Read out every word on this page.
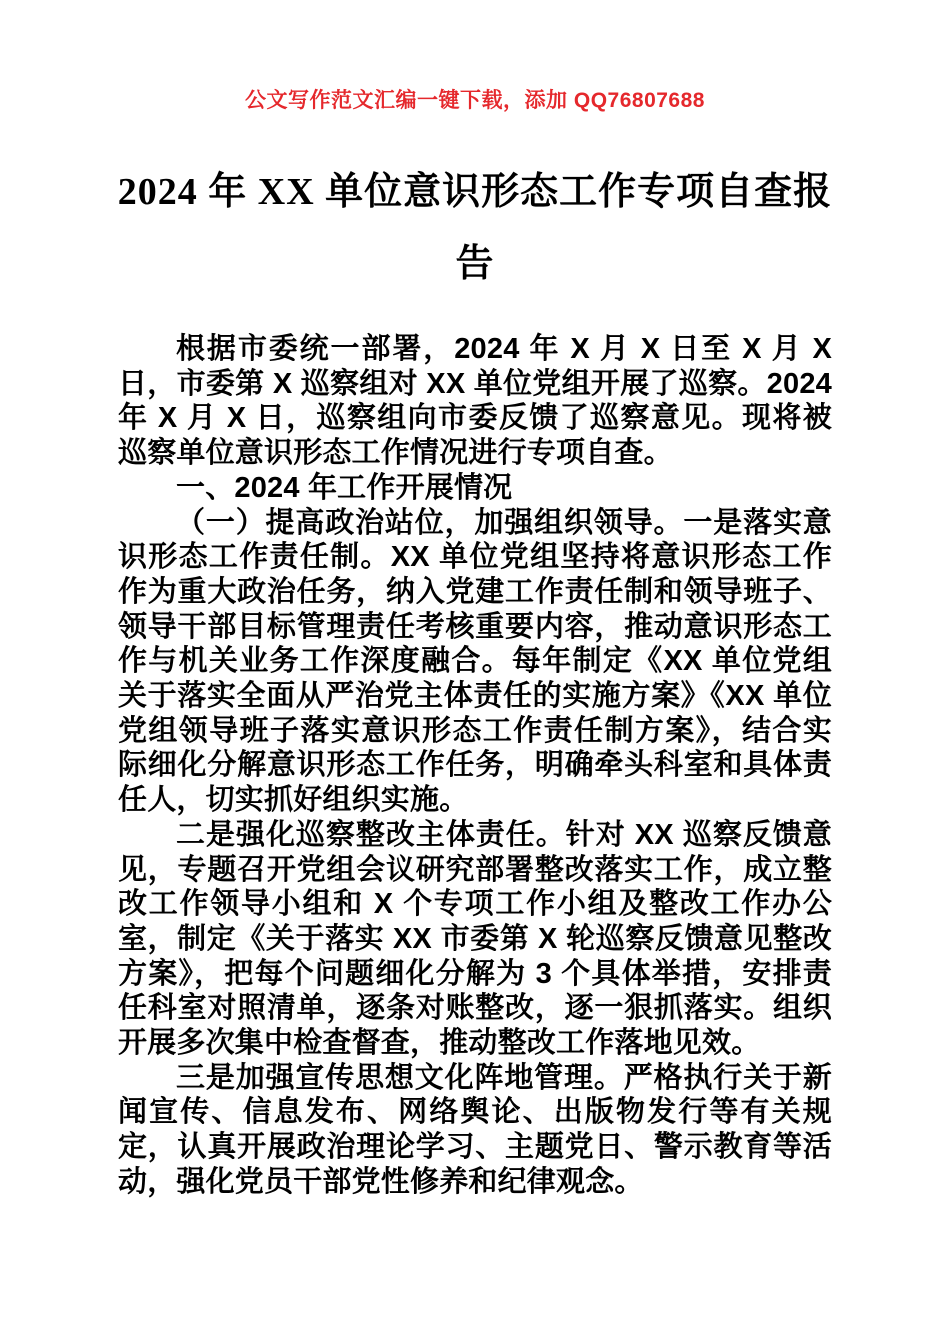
公文写作范文汇编一键下载，添加 QQ76807688
2024 年 XX 单位意识形态工作专项自查报
告

根据市委统一部署，2024 年 X 月 X 日至 X 月 X 日，市委第 X 巡察组对 XX 单位党组开展了巡察。2024 年 X 月 X 日，巡察组向市委反馈了巡察意见。现将被巡察单位意识形态工作情况进行专项自查。

一、2024 年工作开展情况

（一）提高政治站位，加强组织领导。一是落实意识形态工作责任制。XX 单位党组坚持将意识形态工作作为重大政治任务，纳入党建工作责任制和领导班子、领导干部目标管理责任考核重要内容，推动意识形态工作与机关业务工作深度融合。每年制定《XX 单位党组关于落实全面从严治党主体责任的实施方案》《XX 单位党组领导班子落实意识形态工作责任制方案》，结合实际细化分解意识形态工作任务，明确牵头科室和具体责任人，切实抓好组织实施。

二是强化巡察整改主体责任。针对 XX 巡察反馈意见，专题召开党组会议研究部署整改落实工作，成立整改工作领导小组和 X 个专项工作小组及整改工作办公室，制定《关于落实 XX 市委第 X 轮巡察反馈意见整改方案》，把每个问题细化分解为 3 个具体举措，安排责任科室对照清单，逐条对账整改，逐一狠抓落实。组织开展多次集中检查督查，推动整改工作落地见效。

三是加强宣传思想文化阵地管理。严格执行关于新闻宣传、信息发布、网络舆论、出版物发行等有关规定，认真开展政治理论学习、主题党日、警示教育等活动，强化党员干部党性修养和纪律观念。
